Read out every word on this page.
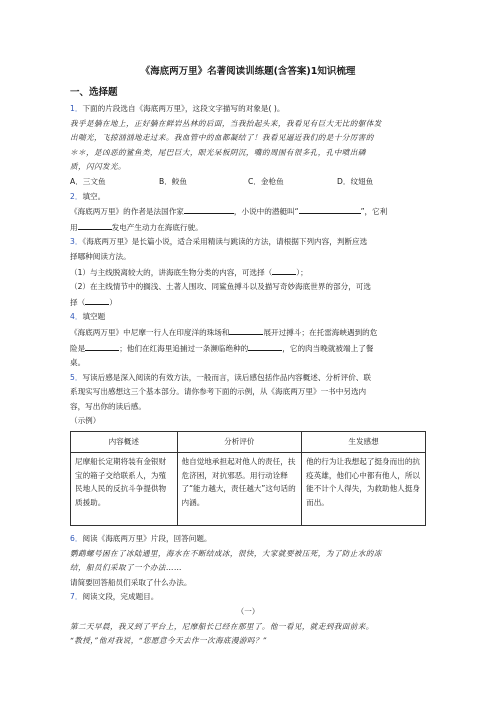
《海底两万里》名著阅读训练题(含答案)1知识梳理
一、选择题

1．下面的片段选自《海底两万里》，这段文字描写的对象是( )。

我乎是躺在地上，正好躺在鲜岩丛林的后面，当我抬起头来，我看见有巨大无比的躯体发

出喘光，飞掠汹汹地走过来。我血管中的血都凝结了！我看见逼近我们的是十分厉害的

＊＊，是凶恶的鲨鱼类，尾巴巨大，眼光呆板阴沉，嘴的周围有很多孔，孔中喷出磷

质，闪闪发光。

A．三文鱼	B．鲛鱼	C．金枪鱼	D．纹翅鱼

2．填空。

《海底两万里》的作者是法国作家	，小说中的潜艇叫“	”，它利

用	发电产生动力在海底行驶。

3．《海底两万里》是长篇小说，适合采用精读与跳读的方法，请根据下列内容，判断应选

择哪种阅读方法。

（1）与主线脱离较大的，讲海底生物分类的内容，可选择（	）；

（2）在主线情节中的搁浅、土著人围攻、同鲨鱼搏斗以及描写奇妙海底世界的部分，可选

择（	）

4．填空题

《海底两万里》中尼摩一行人在印度洋的珠场和	展开过搏斗；在托雷海峡遇到的危

险是	；他们在红海里追捕过一条濒临绝种的	，它的肉当晚就被端上了餐

桌。

5．写读后感是深入阅读的有效方法，一般而言，读后感包括作品内容概述、分析评价、联

系现实写出感想这三个基本部分。请你参考下面的示例，从《海底两万里》一书中另选内

容，写出你的读后感。

（示例）

内容概述	分析评价	生发感想
尼摩船长定期将装有金银财宝的箱子交给联系人，为殖民地人民的反抗斗争提供物质援助。	他自觉地承担起对他人的责任，扶危济困，对抗邪恶。用行动诠释了“能力越大，责任越大”这句话的内涵。	他的行为让我想起了挺身而出的抗疫英雄，他们心中都有他人，所以能不计个人得失，为救助他人挺身而出。

6．阅读《海底两万里》片段，回答问题。

鹦鹉螺号困在了冰陆通里，海水在不断结成冰，很快，大家就要被压死，为了防止水的冻

结，船员们采取了一个办法……

请简要回答船员们采取了什么办法。

7．阅读文段，完成题目。

（一）

第二天早晨，我又到了平台上，尼摩船长已经在那里了。他一看见，就走到我面前来。

“教授，”他对我说，“您愿意今天去作一次海底漫游吗？”
